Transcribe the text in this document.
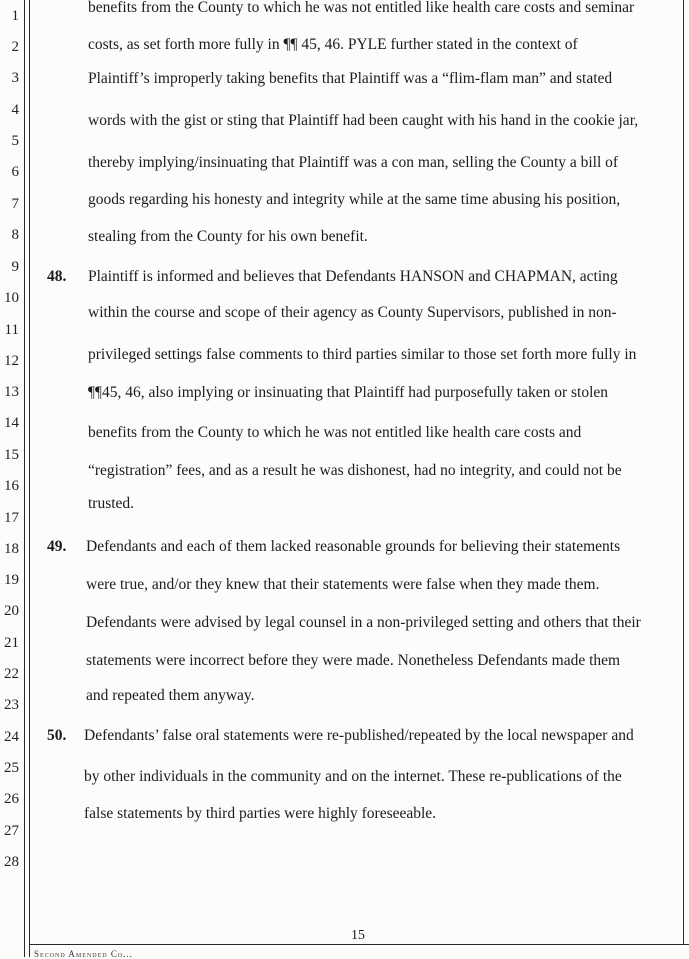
1
2
3
4
5
6
7
8
9
10
11
12
13
14
15
16
17
18
19
20
21
22
23
24
25
26
27
28
benefits from the County to which he was not entitled like health care costs and seminar
costs, as set forth more fully in ¶¶ 45, 46. PYLE further stated in the context of
Plaintiff’s improperly taking benefits that Plaintiff was a “flim-flam man” and stated
words with the gist or sting that Plaintiff had been caught with his hand in the cookie jar,
thereby implying/insinuating that Plaintiff was a con man, selling the County a bill of
goods regarding his honesty and integrity while at the same time abusing his position,
stealing from the County for his own benefit.
48. Plaintiff is informed and believes that Defendants HANSON and CHAPMAN, acting
within the course and scope of their agency as County Supervisors, published in non-
privileged settings false comments to third parties similar to those set forth more fully in
¶¶45, 46, also implying or insinuating that Plaintiff had purposefully taken or stolen
benefits from the County to which he was not entitled like health care costs and
“registration” fees, and as a result he was dishonest, had no integrity, and could not be
trusted.
49. Defendants and each of them lacked reasonable grounds for believing their statements
were true, and/or they knew that their statements were false when they made them.
Defendants were advised by legal counsel in a non-privileged setting and others that their
statements were incorrect before they were made. Nonetheless Defendants made them
and repeated them anyway.
50. Defendants’ false oral statements were re-published/repeated by the local newspaper and
by other individuals in the community and on the internet. These re-publications of the
false statements by third parties were highly foreseeable.
15
Second Amended Co...
